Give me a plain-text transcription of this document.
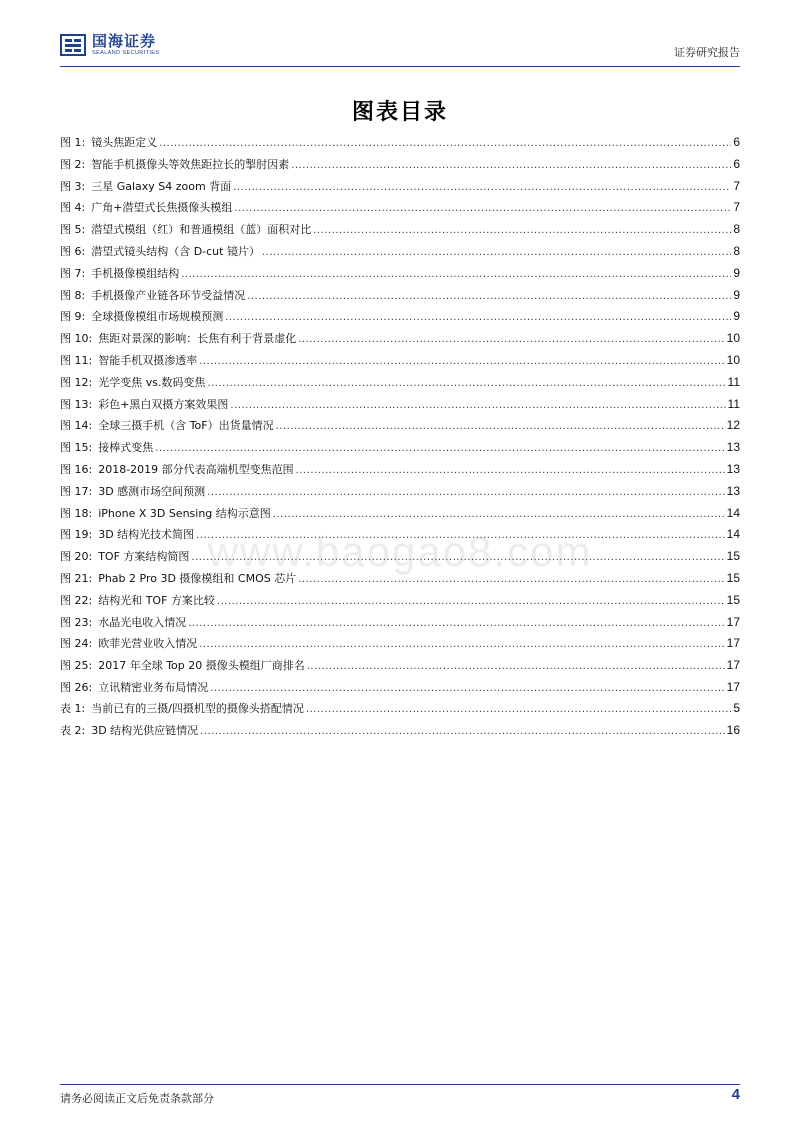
国海证券
SEALAND SECURITIES	证券研究报告
图表目录
图 1: 镜头焦距定义 .....	6
图 2: 智能手机摄像头等效焦距拉长的掣肘因素 .....	6
图 3: 三星 Galaxy S4 zoom 背面 .....	7
图 4: 广角+潜望式长焦摄像头模组 .....	7
图 5: 潜望式模组（红）和普通模组（蓝）面积对比 .....	8
图 6: 潜望式镜头结构（含 D-cut 镜片） .....	8
图 7: 手机摄像模组结构 .....	9
图 8: 手机摄像产业链各环节受益情况 .....	9
图 9: 全球摄像模组市场规模预测 .....	9
图 10: 焦距对景深的影响：长焦有利于背景虚化 .....	10
图 11: 智能手机双摄渗透率 .....	10
图 12: 光学变焦 vs.数码变焦 .....	11
图 13: 彩色+黑白双摄方案效果图 .....	11
图 14: 全球三摄手机（含 ToF）出货量情况 .....	12
图 15: 接棒式变焦 .....	13
图 16: 2018-2019 部分代表高端机型变焦范围 .....	13
图 17: 3D 感测市场空间预测 .....	13
图 18: iPhone X 3D Sensing 结构示意图 .....	14
图 19: 3D 结构光技术简图 .....	14
图 20: TOF 方案结构简图 .....	15
图 21: Phab 2 Pro 3D 摄像模组和 CMOS 芯片 .....	15
图 22: 结构光和 TOF 方案比较 .....	15
图 23: 水晶光电收入情况 .....	17
图 24: 欧菲光营业收入情况 .....	17
图 25: 2017 年全球 Top 20 摄像头模组厂商排名 .....	17
图 26: 立讯精密业务布局情况 .....	17
表 1: 当前已有的三摄/四摄机型的摄像头搭配情况 .....	5
表 2: 3D 结构光供应链情况 .....	16
www.baogao8.com
请务必阅读正文后免责条款部分	4
